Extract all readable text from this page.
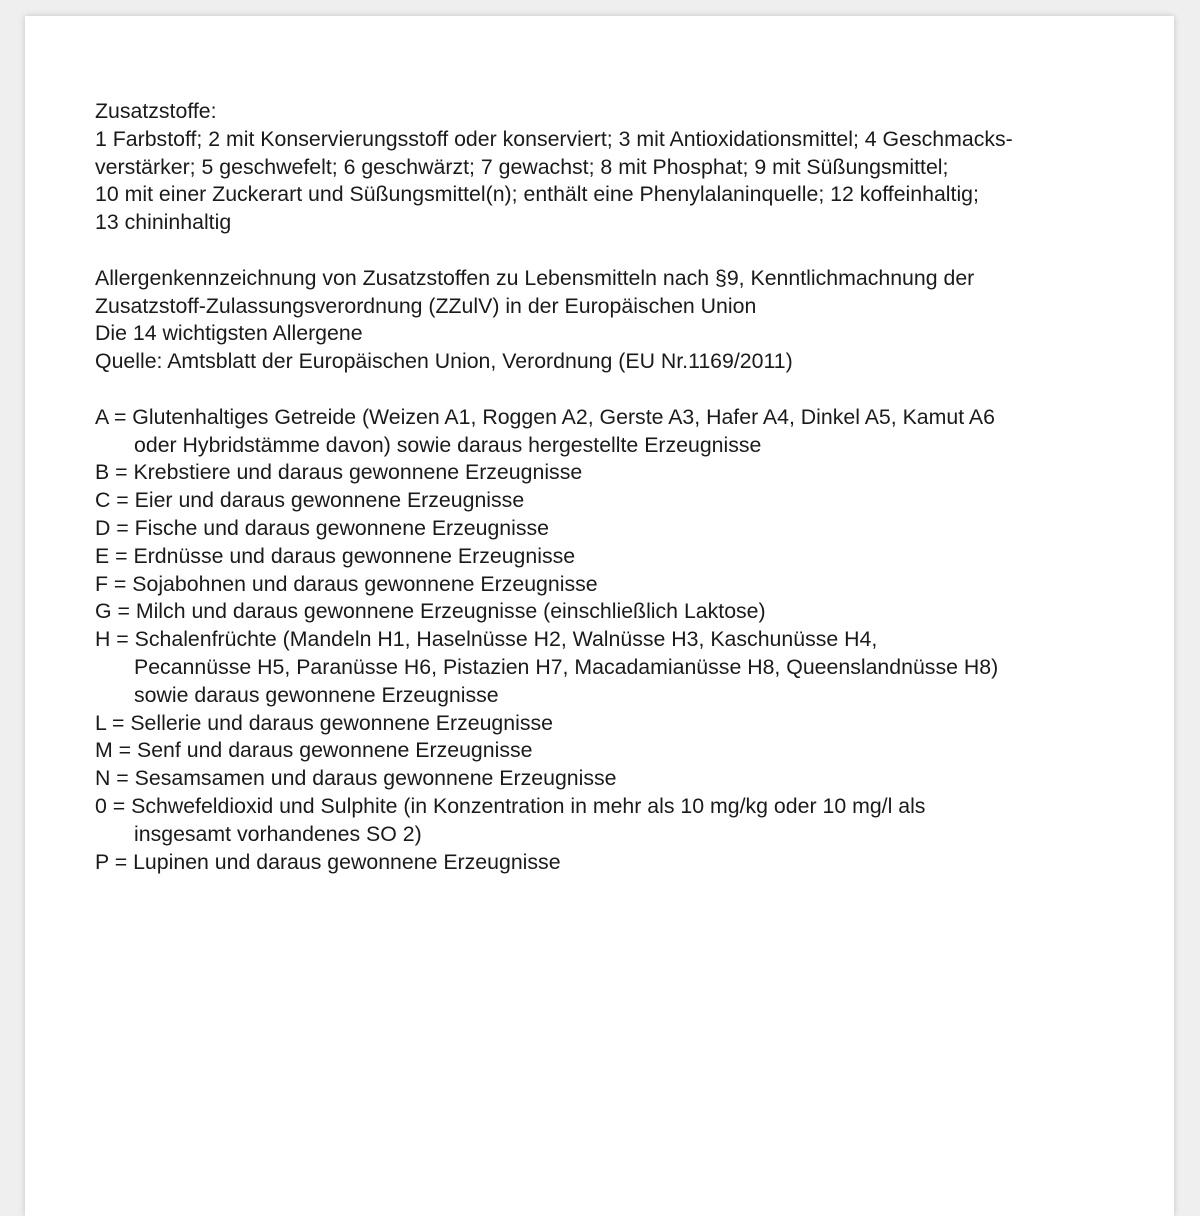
Zusatzstoffe:

1 Farbstoff; 2 mit Konservierungsstoff oder konserviert; 3 mit Antioxidationsmittel; 4 Geschmacks-

verstärker; 5 geschwefelt; 6 geschwärzt; 7 gewachst; 8 mit Phosphat; 9 mit Süßungsmittel;

10 mit einer Zuckerart und Süßungsmittel(n); enthält eine Phenylalaninquelle; 12 koffeinhaltig;

13 chininhaltig

Allergenkennzeichnung von Zusatzstoffen zu Lebensmitteln nach §9, Kenntlichmachnung der

Zusatzstoff-Zulassungsverordnung (ZZulV) in der Europäischen Union

Die 14 wichtigsten Allergene

Quelle: Amtsblatt der Europäischen Union, Verordnung (EU Nr.1169/2011)

A = Glutenhaltiges Getreide (Weizen A1, Roggen A2, Gerste A3, Hafer A4, Dinkel A5, Kamut A6

oder Hybridstämme davon) sowie daraus hergestellte Erzeugnisse

B = Krebstiere und daraus gewonnene Erzeugnisse

C = Eier und daraus gewonnene Erzeugnisse

D = Fische und daraus gewonnene Erzeugnisse

E = Erdnüsse und daraus gewonnene Erzeugnisse

F = Sojabohnen und daraus gewonnene Erzeugnisse

G = Milch und daraus gewonnene Erzeugnisse (einschließlich Laktose)

H = Schalenfrüchte (Mandeln H1, Haselnüsse H2, Walnüsse H3, Kaschunüsse H4,

Pecannüsse H5, Paranüsse H6, Pistazien H7, Macadamianüsse H8, Queenslandnüsse H8)

sowie daraus gewonnene Erzeugnisse

L = Sellerie und daraus gewonnene Erzeugnisse

M = Senf und daraus gewonnene Erzeugnisse

N = Sesamsamen und daraus gewonnene Erzeugnisse

0 = Schwefeldioxid und Sulphite (in Konzentration in mehr als 10 mg/kg oder 10 mg/l als

insgesamt vorhandenes SO 2)

P = Lupinen und daraus gewonnene Erzeugnisse
